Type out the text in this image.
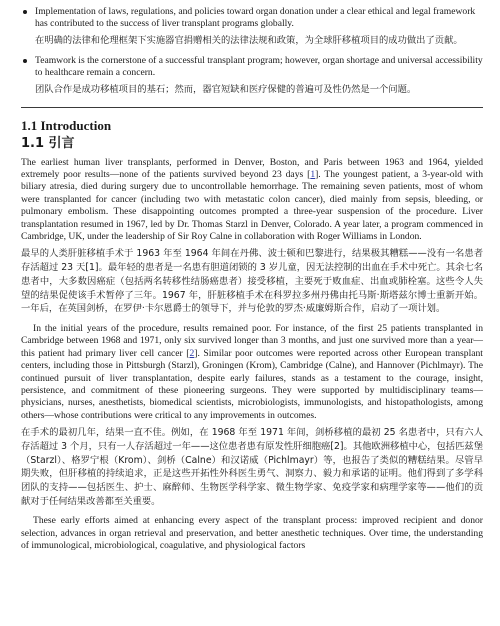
Implementation of laws, regulations, and policies toward organ donation under a clear ethical and legal framework has contributed to the success of liver transplant programs globally.

在明确的法律和伦理框架下实施器官捐赠相关的法律法规和政策，为全球肝移植项目的成功做出了贡献。

Teamwork is the cornerstone of a successful transplant program; however, organ shortage and universal accessibility to healthcare remain a concern.

团队合作是成功移植项目的基石；然而，器官短缺和医疗保健的普遍可及性仍然是一个问题。

1.1 Introduction
1.1 引言

The earliest human liver transplants, performed in Denver, Boston, and Paris between 1963 and 1964, yielded extremely poor results—none of the patients survived beyond 23 days [1]. The youngest patient, a 3-year-old with biliary atresia, died during surgery due to uncontrollable hemorrhage. The remaining seven patients, most of whom were transplanted for cancer (including two with metastatic colon cancer), died mainly from sepsis, bleeding, or pulmonary embolism. These disappointing outcomes prompted a three-year suspension of the procedure. Liver transplantation resumed in 1967, led by Dr. Thomas Starzl in Denver, Colorado. A year later, a program commenced in Cambridge, UK, under the leadership of Sir Roy Calne in collaboration with Roger Williams in London.

最早的人类肝脏移植手术于 1963 年至 1964 年间在丹佛、波士顿和巴黎进行，结果极其糟糕——没有一名患者存活超过 23 天[1]。最年轻的患者是一名患有胆道闭锁的 3 岁儿童，因无法控制的出血在手术中死亡。其余七名患者中，大多数因癌症（包括两名转移性结肠癌患者）接受移植，主要死于败血症、出血或肺栓塞。这些令人失望的结果促使该手术暂停了三年。1967 年，肝脏移植手术在科罗拉多州丹佛由托马斯·斯塔兹尔博士重新开始。一年后，在英国剑桥，在罗伊·卡尔恩爵士的领导下，并与伦敦的罗杰·威廉姆斯合作，启动了一项计划。

In the initial years of the procedure, results remained poor. For instance, of the first 25 patients transplanted in Cambridge between 1968 and 1971, only six survived longer than 3 months, and just one survived more than a year—this patient had primary liver cell cancer [2]. Similar poor outcomes were reported across other European transplant centers, including those in Pittsburgh (Starzl), Groningen (Krom), Cambridge (Calne), and Hannover (Pichlmayr). The continued pursuit of liver transplantation, despite early failures, stands as a testament to the courage, insight, persistence, and commitment of these pioneering surgeons. They were supported by multidisciplinary teams—physicians, nurses, anesthetists, biomedical scientists, microbiologists, immunologists, and histopathologists, among others—whose contributions were critical to any improvements in outcomes.

在手术的最初几年，结果一直不佳。例如，在 1968 年至 1971 年间，剑桥移植的最初 25 名患者中，只有六人存活超过 3 个月，只有一人存活超过一年——这位患者患有原发性肝细胞癌[2]。其他欧洲移植中心，包括匹兹堡（Starzl）、格罗宁根（Krom）、剑桥（Calne）和汉诺威（Pichlmayr）等，也报告了类似的糟糕结果。尽管早期失败，但肝移植的持续追求，正是这些开拓性外科医生勇气、洞察力、毅力和承诺的证明。他们得到了多学科团队的支持——包括医生、护士、麻醉师、生物医学科学家、微生物学家、免疫学家和病理学家等——他们的贡献对于任何结果改善都至关重要。

These early efforts aimed at enhancing every aspect of the transplant process: improved recipient and donor selection, advances in organ retrieval and preservation, and better anesthetic techniques. Over time, the understanding of immunological, microbiological, coagulative, and physiological factors
